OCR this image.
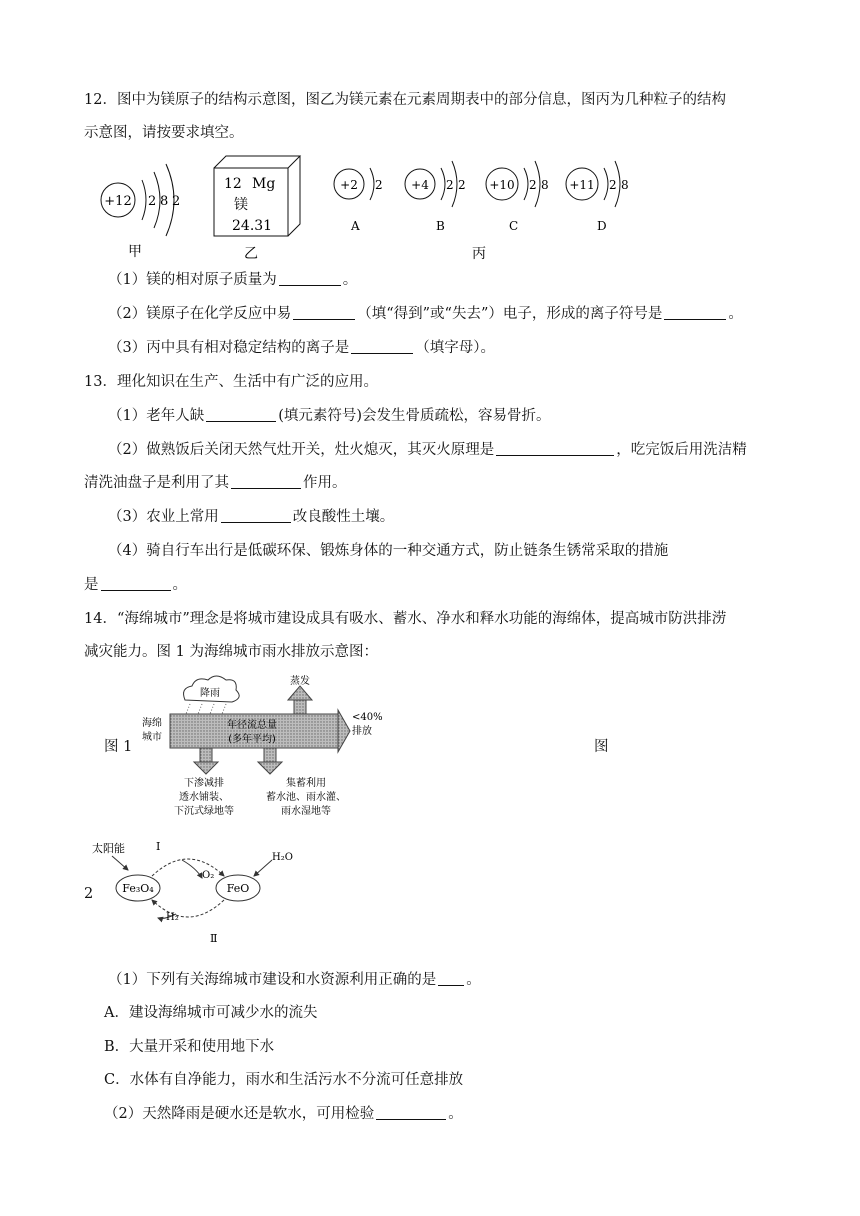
12．图中为镁原子的结构示意图，图乙为镁元素在元素周期表中的部分信息，图丙为几种粒子的结构
示意图，请按要求填空。
+12 2 8 2
甲
12 Mg
镁
24.31
乙
+2 2
A
+4 2 2
B
+10 2 8
C
+11 2 8
D
丙
（1）镁的相对原子质量为	。
（2）镁原子在化学反应中易	（填“得到”或“失去”）电子，形成的离子符号是	。
（3）丙中具有相对稳定结构的离子是	（填字母）。
13．理化知识在生产、生活中有广泛的应用。
（1）老年人缺	(填元素符号)会发生骨质疏松，容易骨折。
（2）做熟饭后关闭天然气灶开关，灶火熄灭，其灭火原理是	，吃完饭后用洗洁精
清洗油盘子是利用了其	作用。
（3）农业上常用	改良酸性土壤。
（4）骑自行车出行是低碳环保、锻炼身体的一种交通方式，防止链条生锈常采取的措施
是	。
14．“海绵城市”理念是将城市建设成具有吸水、蓄水、净水和释水功能的海绵体，提高城市防洪排涝
减灾能力。图 1 为海绵城市雨水排放示意图：
图 1	图
降雨
蒸发
海绵
城市
年径流总量
(多年平均)
<40%
排放
下渗减排
透水铺装、
下沉式绿地等
集蓄利用
蓄水池、雨水灌、
雨水湿地等
2
太阳能
Fe₃O₄	FeO
I
O₂
H₂O
H₂
Ⅱ
（1）下列有关海绵城市建设和水资源利用正确的是 。
A．建设海绵城市可减少水的流失
B．大量开采和使用地下水
C．水体有自净能力，雨水和生活污水不分流可任意排放
（2）天然降雨是硬水还是软水，可用检验	。
